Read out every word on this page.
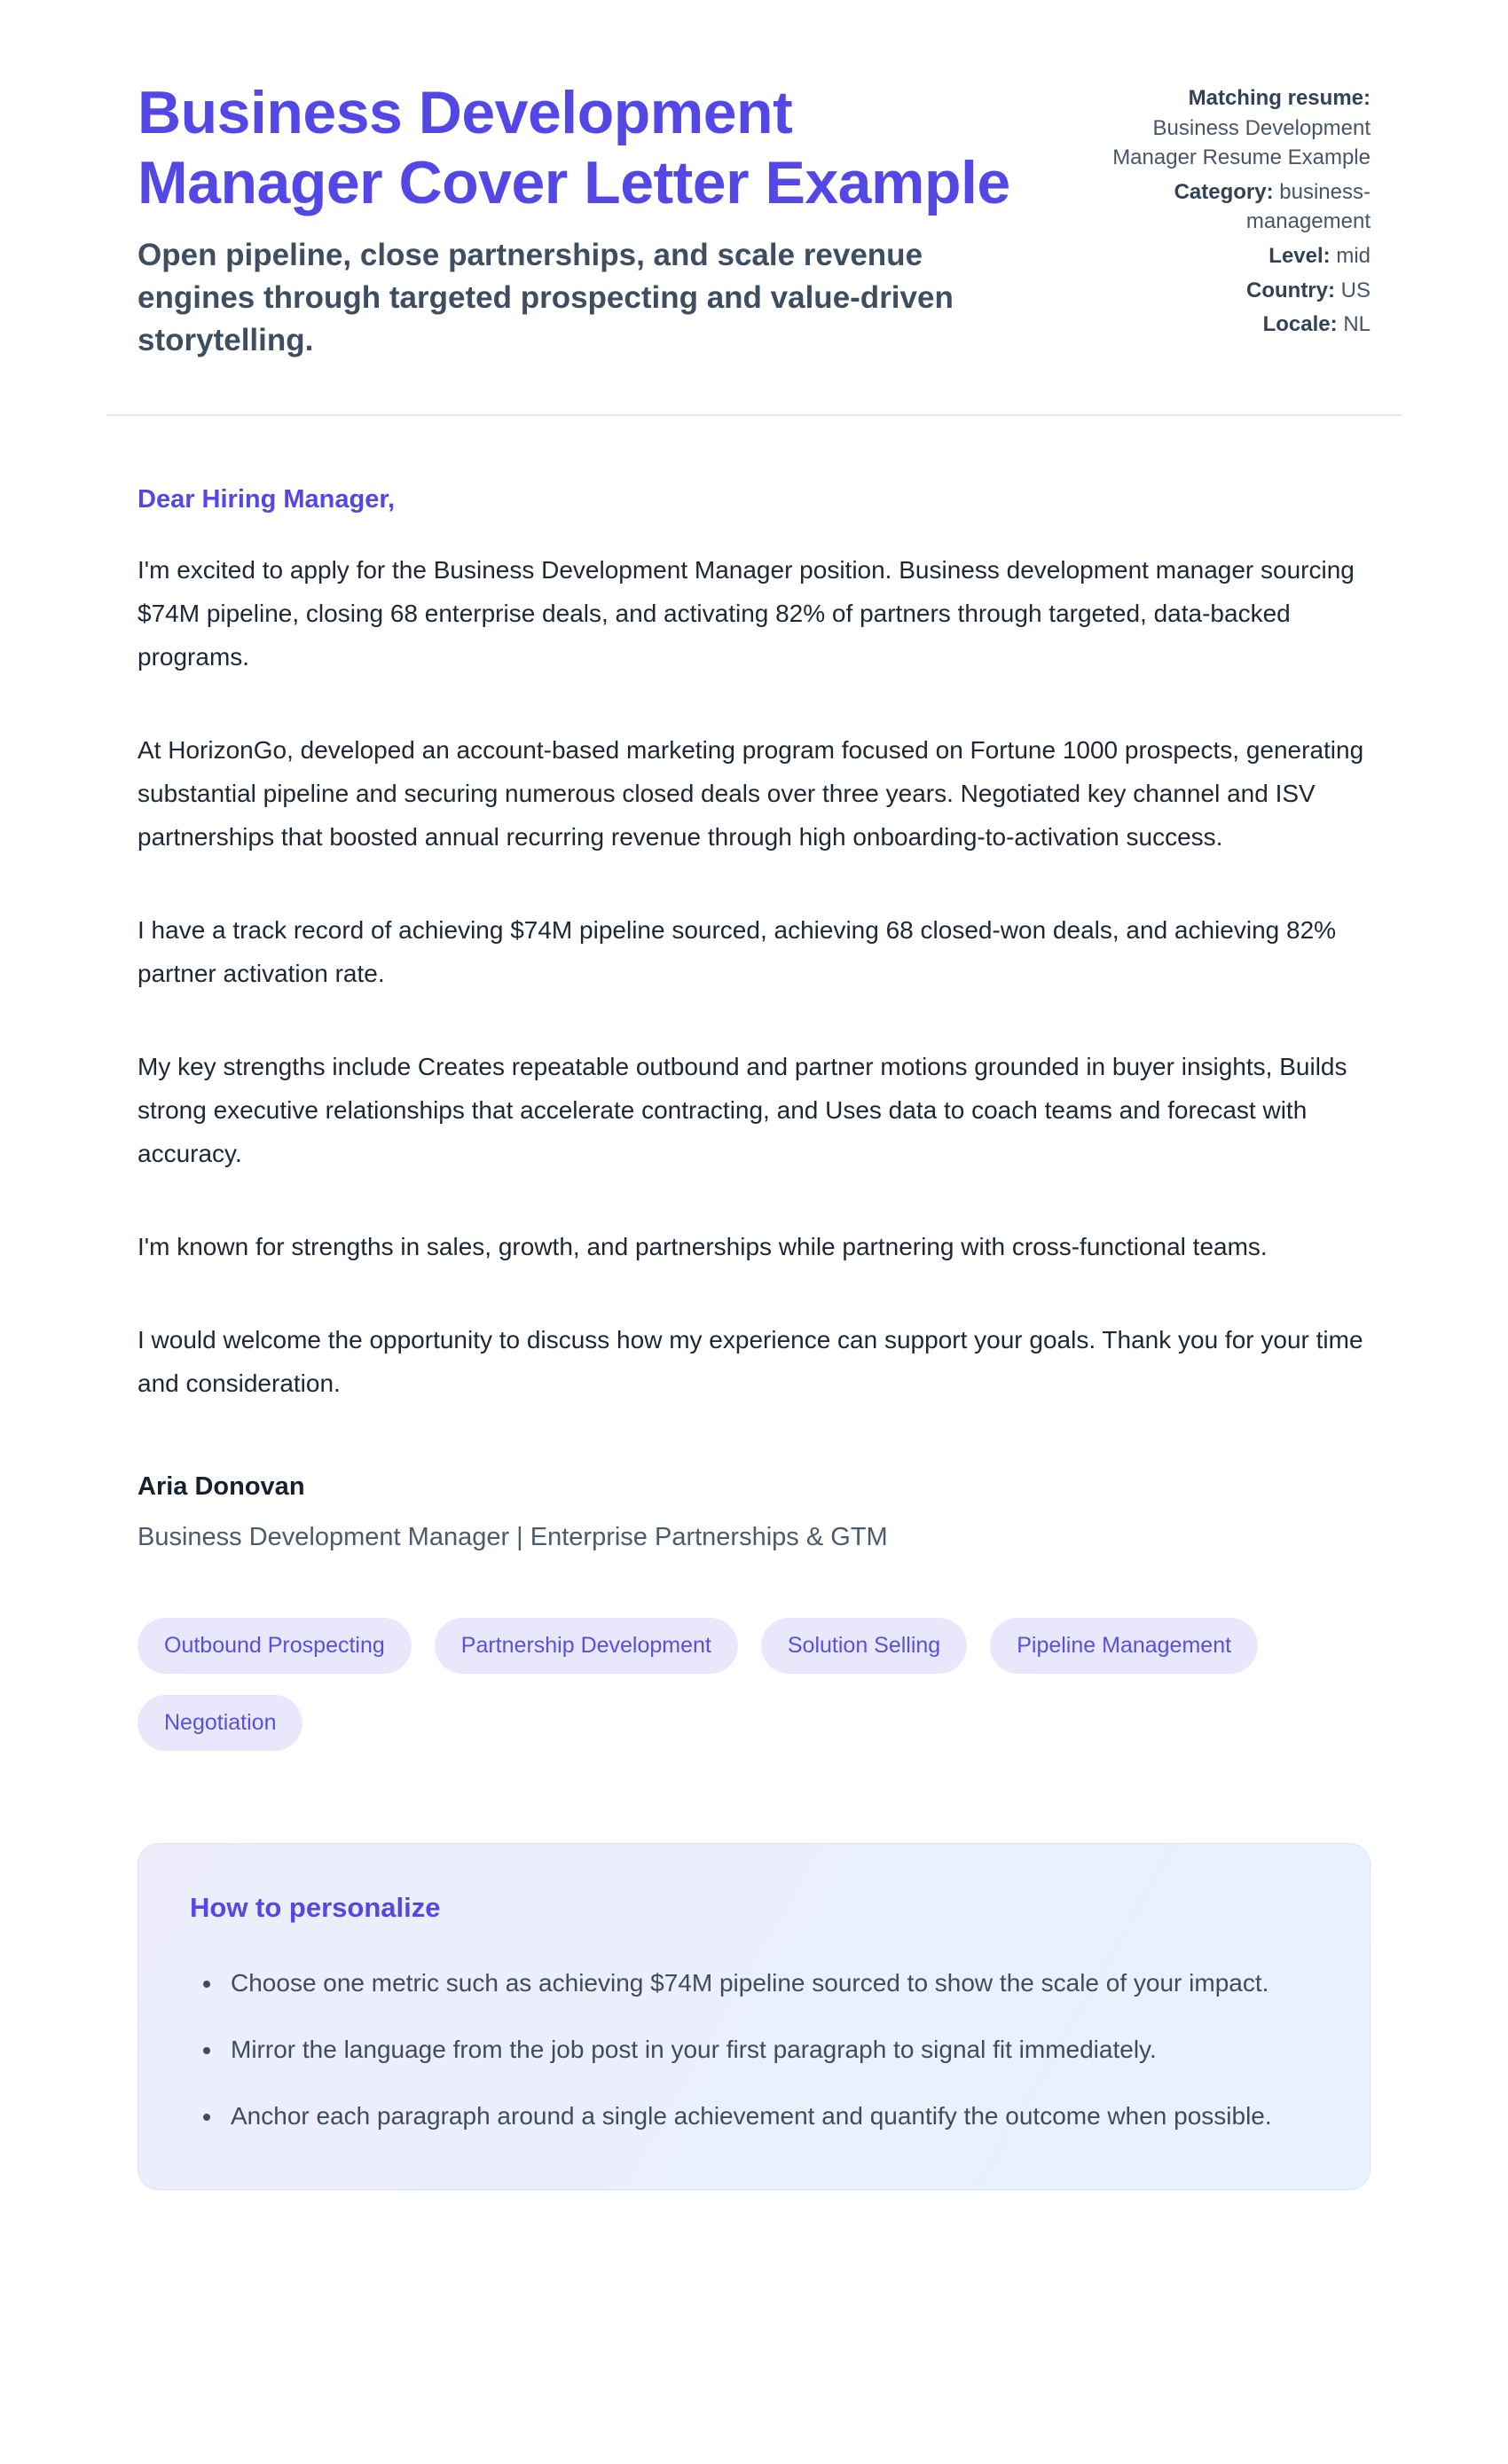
Business Development
Manager Cover Letter Example

Open pipeline, close partnerships, and scale revenue engines through targeted prospecting and value-driven storytelling.

Matching resume: Business Development Manager Resume Example
Category: business-management
Level: mid
Country: US
Locale: NL

Dear Hiring Manager,

I'm excited to apply for the Business Development Manager position. Business development manager sourcing $74M pipeline, closing 68 enterprise deals, and activating 82% of partners through targeted, data-backed programs.

At HorizonGo, developed an account-based marketing program focused on Fortune 1000 prospects, generating substantial pipeline and securing numerous closed deals over three years. Negotiated key channel and ISV partnerships that boosted annual recurring revenue through high onboarding-to-activation success.

I have a track record of achieving $74M pipeline sourced, achieving 68 closed-won deals, and achieving 82% partner activation rate.

My key strengths include Creates repeatable outbound and partner motions grounded in buyer insights, Builds strong executive relationships that accelerate contracting, and Uses data to coach teams and forecast with accuracy.

I'm known for strengths in sales, growth, and partnerships while partnering with cross-functional teams.

I would welcome the opportunity to discuss how my experience can support your goals. Thank you for your time and consideration.

Aria Donovan

Business Development Manager | Enterprise Partnerships & GTM

Outbound Prospecting	Partnership Development	Solution Selling	Pipeline Management
Negotiation
How to personalize
• Choose one metric such as achieving $74M pipeline sourced to show the scale of your impact.
• Mirror the language from the job post in your first paragraph to signal fit immediately.
• Anchor each paragraph around a single achievement and quantify the outcome when possible.
